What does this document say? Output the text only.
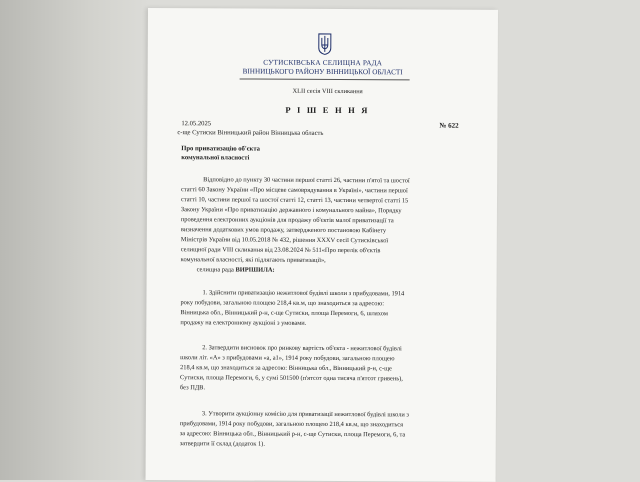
СУТИСКІВСЬКА СЕЛИЩНА РАДА
ВІННИЦЬКОГО РАЙОНУ ВІННИЦЬКОЇ ОБЛАСТІ
XLII сесія VIII скликання
Р І Ш Е Н Н Я
12.05.2025	№ 622
с-ще Сутиски Вінницький район Вінницька область
Про приватизацію об'єкта
комунальної власності
Відповідно до пункту 30 частини першої статті 26, частини п'ятої та шостої
статті 60 Закону України «Про місцеве самоврядування в Україні», частини першої
статті 10, частини першої та шостої статті 12, статті 13, частини четвертої статті 15
Закону України «Про приватизацію державного і комунального майна», Порядку
проведення електронних аукціонів для продажу об'єктів малої приватизації та
визначення додаткових умов продажу, затвердженого постановою Кабінету
Міністрів України від 10.05.2018 № 432, рішення XXXV сесії Сутисківської
селищної ради VIII скликання від 23.08.2024 № 511«Про перелік об'єктів
комунальної власності, які підлягають приватизації»,
селищна рада ВИРІШИЛА:
1. Здійснити приватизацію нежитлової будівлі школи з прибудовами, 1914
року побудови, загальною площею 218,4 кв.м, що знаходиться за адресою:
Вінницька обл., Вінницький р-н, с-ще Сутиски, площа Перемоги, 6, шляхом
продажу на електронному аукціоні з умовами.
2. Затвердити висновок про ринкову вартість об'єкта - нежитлової будівлі
школи літ. «А» з прибудовами «а, а1», 1914 року побудови, загальною площею
218,4 кв.м, що знаходиться за адресою: Вінницька обл., Вінницький р-н, с-ще
Сутиски, площа Перемоги, 6, у сумі 501500 (п'ятсот одна тисяча п'ятсот гривень),
без ПДВ.
3. Утворити аукціонну комісію для приватизації нежитлової будівлі школи з
прибудовами, 1914 року побудови, загальною площею 218,4 кв.м, що знаходиться
за адресою: Вінницька обл., Вінницький р-н, с-ще Сутиски, площа Перемоги, 6, та
затвердити її склад (додаток 1).
